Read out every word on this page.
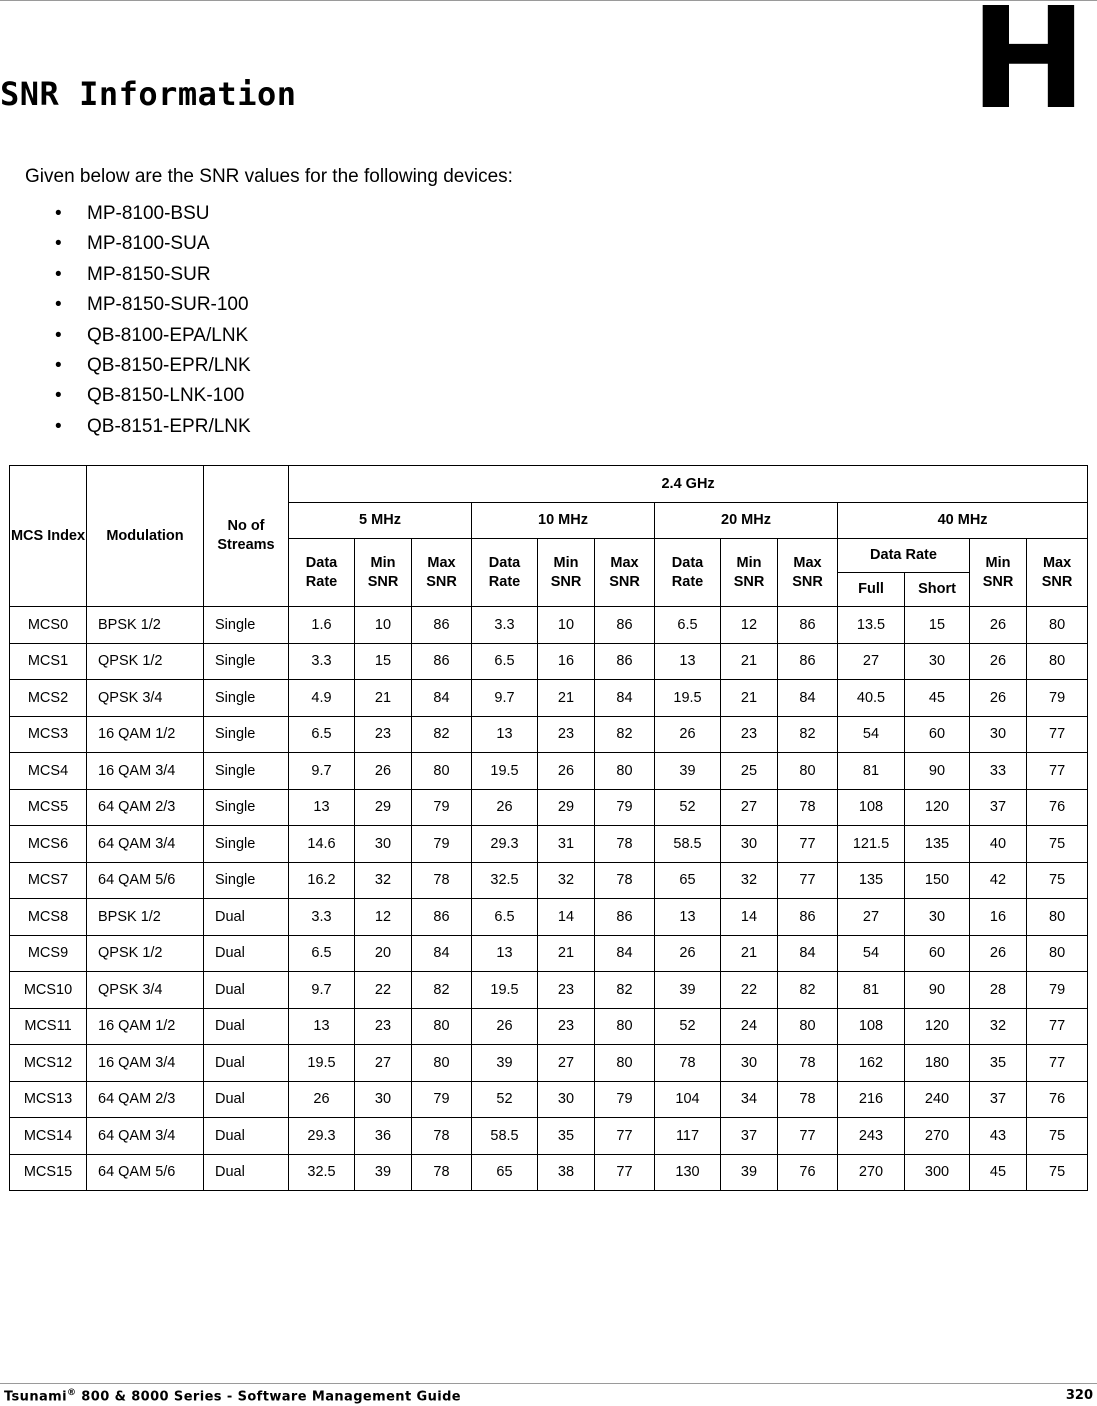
H
SNR Information

Given below are the SNR values for the following devices:

•	MP-8100-BSU
•	MP-8100-SUA
•	MP-8150-SUR
•	MP-8150-SUR-100
•	QB-8100-EPA/LNK
•	QB-8150-EPR/LNK
•	QB-8150-LNK-100
•	QB-8151-EPR/LNK
MCS Index	Modulation	No of Streams	2.4 GHz												
			5 MHz			10 MHz			20 MHz			40 MHz			
			Data Rate	Min SNR	Max SNR	Data Rate	Min SNR	Max SNR	Data Rate	Min SNR	Max SNR	Data Rate		Min SNR	Max SNR
												Full	Short		
MCS0	BPSK 1/2	Single	1.6	10	86	3.3	10	86	6.5	12	86	13.5	15	26	80
MCS1	QPSK 1/2	Single	3.3	15	86	6.5	16	86	13	21	86	27	30	26	80
MCS2	QPSK 3/4	Single	4.9	21	84	9.7	21	84	19.5	21	84	40.5	45	26	79
MCS3	16 QAM 1/2	Single	6.5	23	82	13	23	82	26	23	82	54	60	30	77
MCS4	16 QAM 3/4	Single	9.7	26	80	19.5	26	80	39	25	80	81	90	33	77
MCS5	64 QAM 2/3	Single	13	29	79	26	29	79	52	27	78	108	120	37	76
MCS6	64 QAM 3/4	Single	14.6	30	79	29.3	31	78	58.5	30	77	121.5	135	40	75
MCS7	64 QAM 5/6	Single	16.2	32	78	32.5	32	78	65	32	77	135	150	42	75
MCS8	BPSK 1/2	Dual	3.3	12	86	6.5	14	86	13	14	86	27	30	16	80
MCS9	QPSK 1/2	Dual	6.5	20	84	13	21	84	26	21	84	54	60	26	80
MCS10	QPSK 3/4	Dual	9.7	22	82	19.5	23	82	39	22	82	81	90	28	79
MCS11	16 QAM 1/2	Dual	13	23	80	26	23	80	52	24	80	108	120	32	77
MCS12	16 QAM 3/4	Dual	19.5	27	80	39	27	80	78	30	78	162	180	35	77
MCS13	64 QAM 2/3	Dual	26	30	79	52	30	79	104	34	78	216	240	37	76
MCS14	64 QAM 3/4	Dual	29.3	36	78	58.5	35	77	117	37	77	243	270	43	75
MCS15	64 QAM 5/6	Dual	32.5	39	78	65	38	77	130	39	76	270	300	45	75
Tsunami® 800 & 8000 Series - Software Management Guide	320
